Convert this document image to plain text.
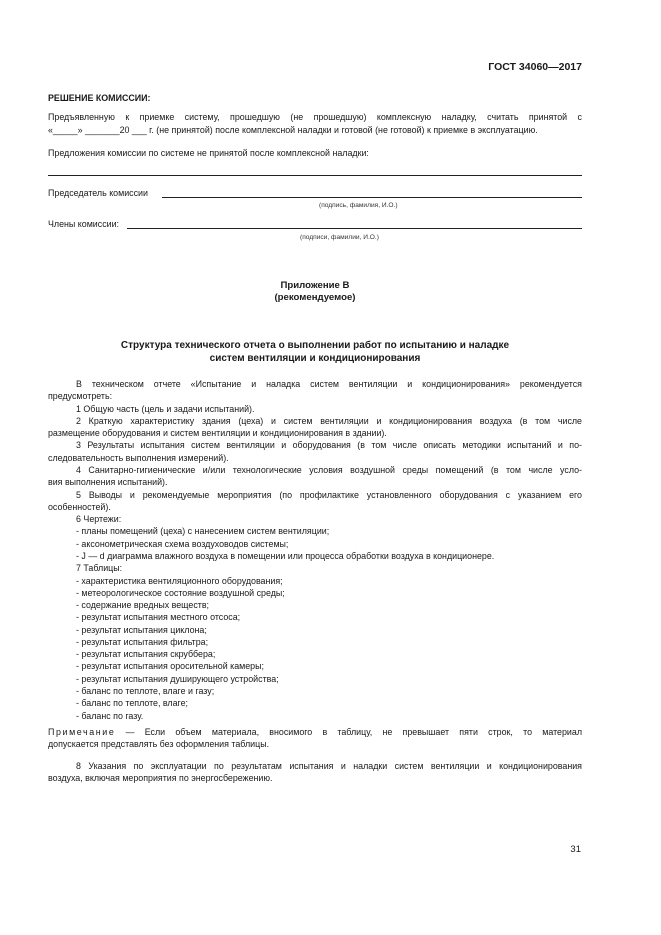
ГОСТ 34060—2017
РЕШЕНИЕ КОМИССИИ:
Предъявленную к приемке систему, прошедшую (не прошедшую) комплексную наладку, считать принятой с
«_____» _______20 ___ г. (не принятой) после комплексной наладки и готовой (не готовой) к приемке в эксплуатацию.
Предложения комиссии по системе не принятой после комплексной наладки:
Председатель комиссии
(подпись, фамилия, И.О.)
Члены комиссии:
(подписи, фамилии, И.О.)
Приложение В
(рекомендуемое)
Структура технического отчета о выполнении работ по испытанию и наладке
систем вентиляции и кондиционирования
В техническом отчете «Испытание и наладка систем вентиляции и кондиционирования» рекомендуется
предусмотреть:
1 Общую часть (цель и задачи испытаний).
2 Краткую характеристику здания (цеха) и систем вентиляции и кондиционирования воздуха (в том числе
размещение оборудования и систем вентиляции и кондиционирования в здании).
3 Результаты испытания систем вентиляции и оборудования (в том числе описать методики испытаний и по-
следовательность выполнения измерений).
4 Санитарно-гигиенические и/или технологические условия воздушной среды помещений (в том числе усло-
вия выполнения испытаний).
5 Выводы и рекомендуемые мероприятия (по профилактике установленного оборудования с указанием его
особенностей).
6 Чертежи:
- планы помещений (цеха) с нанесением систем вентиляции;
- аксонометрическая схема воздуховодов системы;
- J — d диаграмма влажного воздуха в помещении или процесса обработки воздуха в кондиционере.
7 Таблицы:
- характеристика вентиляционного оборудования;
- метеорологическое состояние воздушной среды;
- содержание вредных веществ;
- результат испытания местного отсоса;
- результат испытания циклона;
- результат испытания фильтра;
- результат испытания скруббера;
- результат испытания оросительной камеры;
- результат испытания душирующего устройства;
- баланс по теплоте, влаге и газу;
- баланс по теплоте, влаге;
- баланс по газу.
Примечание — Если объем материала, вносимого в таблицу, не превышает пяти строк, то материал
допускается представлять без оформления таблицы.
8 Указания по эксплуатации по результатам испытания и наладки систем вентиляции и кондиционирования
воздуха, включая мероприятия по энергосбережению.
31
